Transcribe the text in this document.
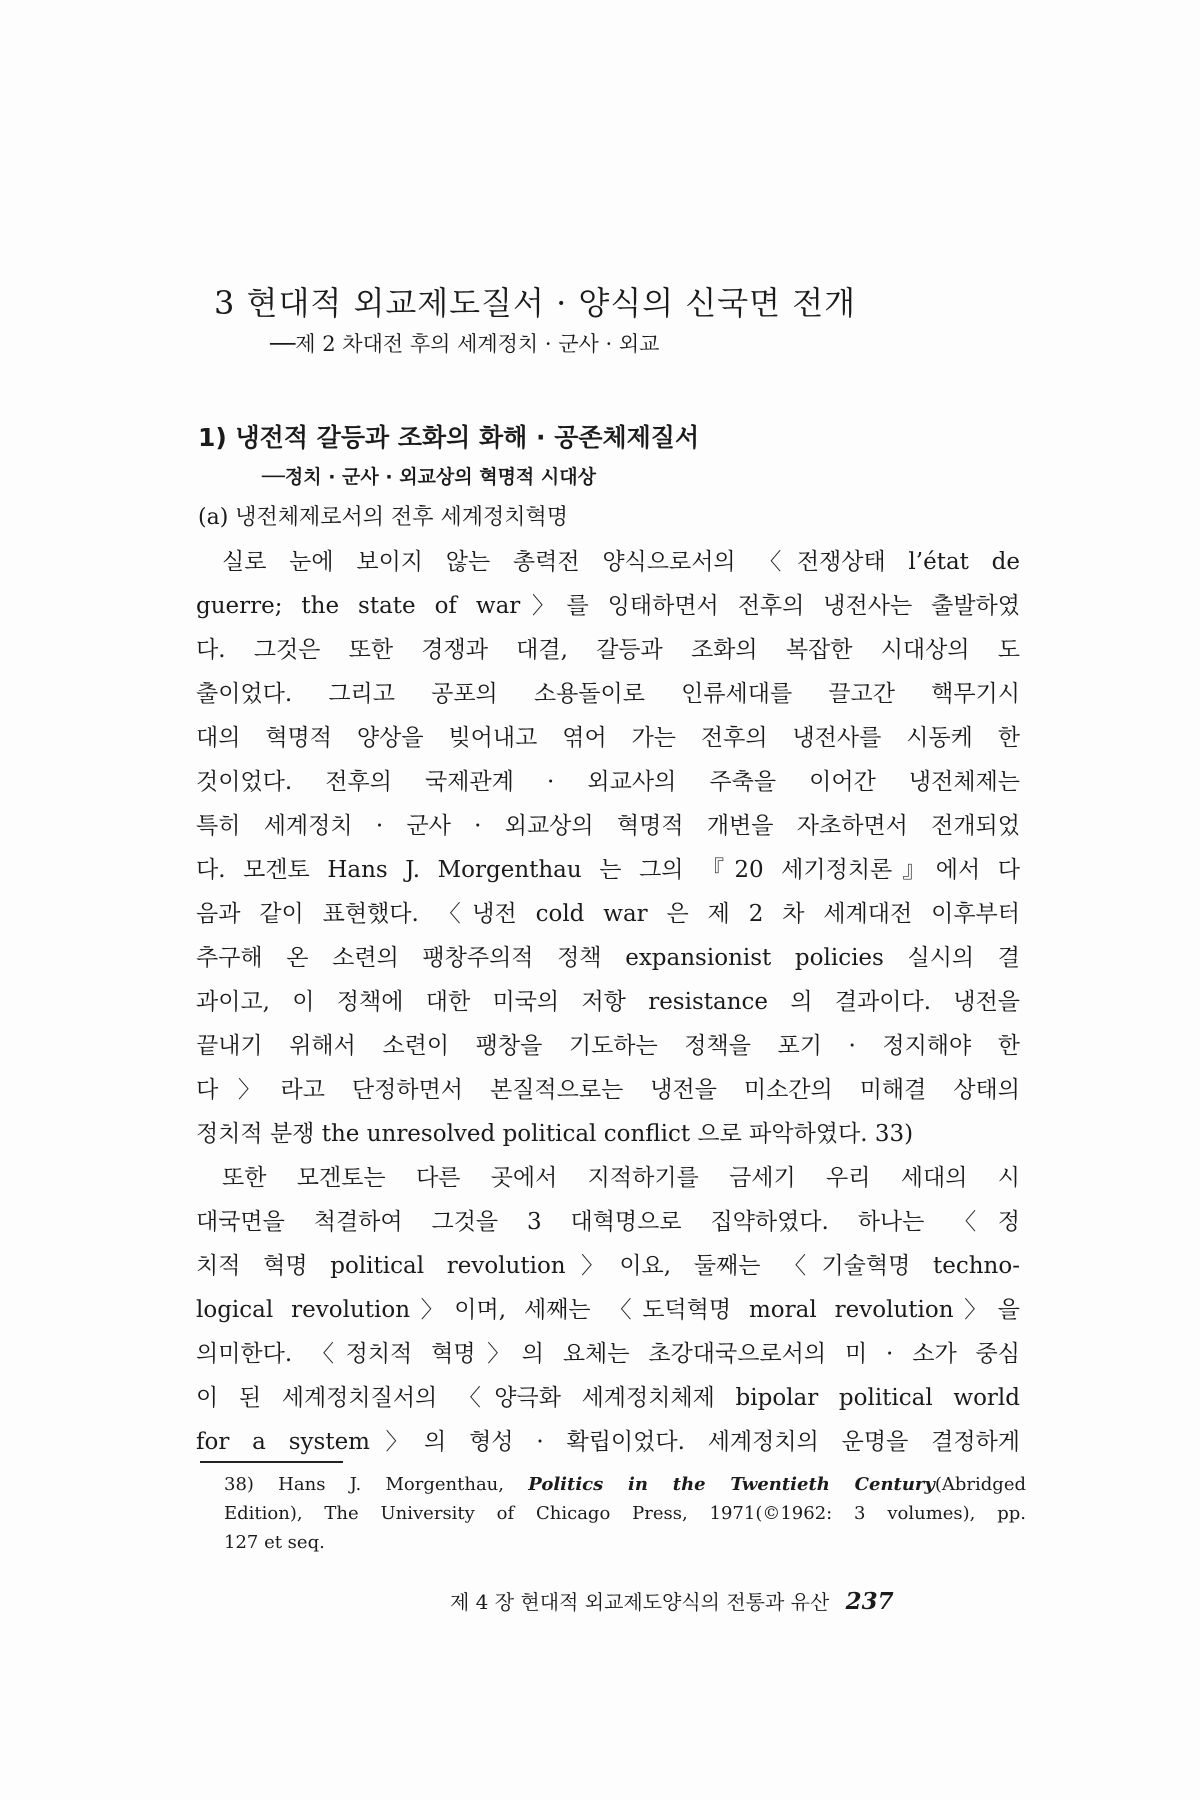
3 현대적 외교제도질서 · 양식의 신국면 전개
──제 2 차대전 후의 세계정치 · 군사 · 외교
1) 냉전적 갈등과 조화의 화해 · 공존체제질서
──정치 · 군사 · 외교상의 혁명적 시대상
(a) 냉전체제로서의 전후 세계정치혁명
실로 눈에 보이지 않는 총력전 양식으로서의 〈전쟁상태 l’état de
guerre; the state of war〉를 잉태하면서 전후의 냉전사는 출발하였
다. 그것은 또한 경쟁과 대결, 갈등과 조화의 복잡한 시대상의 도
출이었다. 그리고 공포의 소용돌이로 인류세대를 끌고간 핵무기시
대의 혁명적 양상을 빚어내고 엮어 가는 전후의 냉전사를 시동케 한
것이었다. 전후의 국제관계 · 외교사의 주축을 이어간 냉전체제는
특히 세계정치 · 군사 · 외교상의 혁명적 개변을 자초하면서 전개되었
다. 모겐토 Hans J. Morgenthau 는 그의 『20 세기정치론』에서 다
음과 같이 표현했다. 〈냉전 cold war 은 제 2 차 세계대전 이후부터
추구해 온 소련의 팽창주의적 정책 expansionist policies 실시의 결
과이고, 이 정책에 대한 미국의 저항 resistance 의 결과이다. 냉전을
끝내기 위해서 소련이 팽창을 기도하는 정책을 포기 · 정지해야 한
다〉라고 단정하면서 본질적으로는 냉전을 미소간의 미해결 상태의
정치적 분쟁 the unresolved political conflict 으로 파악하였다. 33)
또한 모겐토는 다른 곳에서 지적하기를 금세기 우리 세대의 시
대국면을 척결하여 그것을 3 대혁명으로 집약하였다. 하나는 〈정
치적 혁명 political revolution〉이요, 둘째는 〈기술혁명 techno-
logical revolution〉이며, 세째는 〈도덕혁명 moral revolution〉을
의미한다. 〈정치적 혁명〉의 요체는 초강대국으로서의 미 · 소가 중심
이 된 세계정치질서의 〈양극화 세계정치체제 bipolar political world
for a system〉의 형성 · 확립이었다. 세계정치의 운명을 결정하게
38) Hans J. Morgenthau, Politics in the Twentieth Century(Abridged
Edition), The University of Chicago Press, 1971(©1962: 3 volumes), pp.
127 et seq.
제 4 장 현대적 외교제도양식의 전통과 유산 237
